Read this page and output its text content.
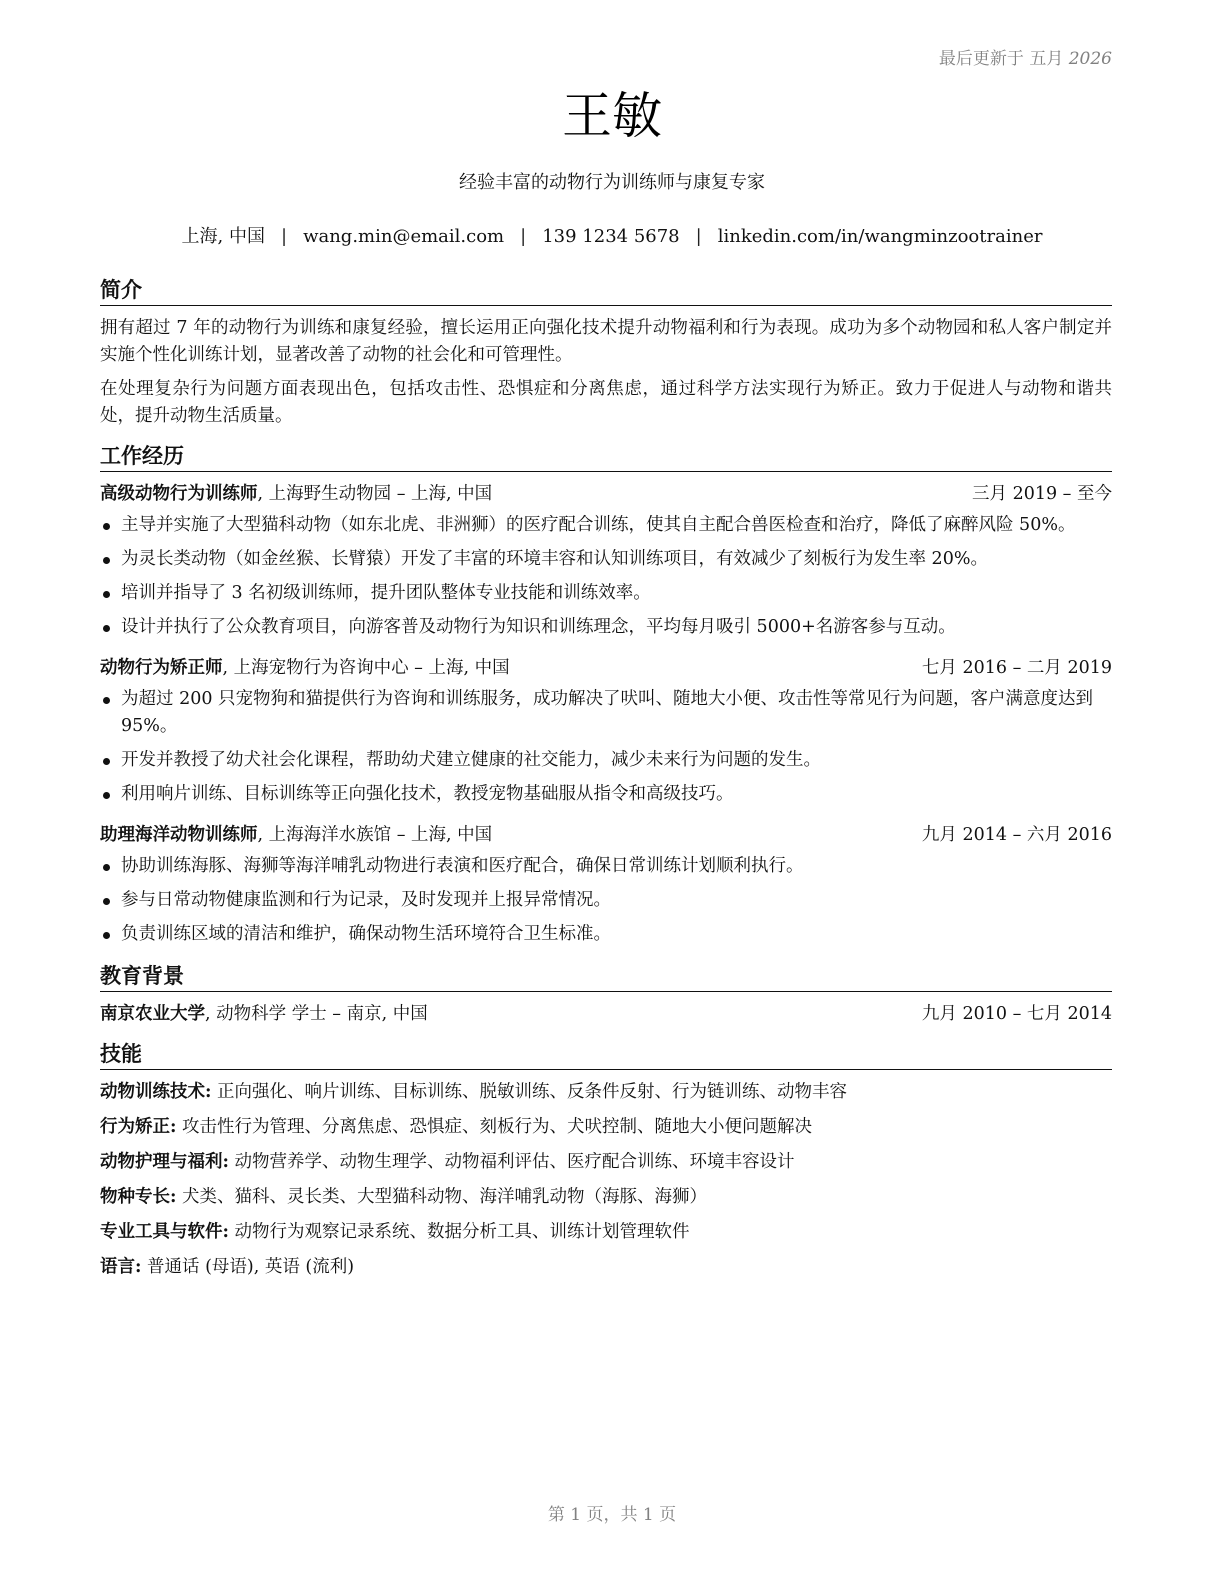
最后更新于 五月 2026
王敏
经验丰富的动物行为训练师与康复专家
上海, 中国 | wang.min@email.com | 139 1234 5678 | linkedin.com/in/wangminzootrainer
简介

拥有超过 7 年的动物行为训练和康复经验，擅长运用正向强化技术提升动物福利和行为表现。成功为多个动物园和私人客户制定并实施个性化训练计划，显著改善了动物的社会化和可管理性。

在处理复杂行为问题方面表现出色，包括攻击性、恐惧症和分离焦虑，通过科学方法实现行为矫正。致力于促进人与动物和谐共处，提升动物生活质量。

工作经历
高级动物行为训练师, 上海野生动物园 – 上海, 中国	三月 2019 – 至今
主导并实施了大型猫科动物（如东北虎、非洲狮）的医疗配合训练，使其自主配合兽医检查和治疗，降低了麻醉风险 50%。
为灵长类动物（如金丝猴、长臂猿）开发了丰富的环境丰容和认知训练项目，有效减少了刻板行为发生率 20%。
培训并指导了 3 名初级训练师，提升团队整体专业技能和训练效率。
设计并执行了公众教育项目，向游客普及动物行为知识和训练理念，平均每月吸引 5000+名游客参与互动。
动物行为矫正师, 上海宠物行为咨询中心 – 上海, 中国	七月 2016 – 二月 2019
为超过 200 只宠物狗和猫提供行为咨询和训练服务，成功解决了吠叫、随地大小便、攻击性等常见行为问题，客户满意度达到 95%。
开发并教授了幼犬社会化课程，帮助幼犬建立健康的社交能力，减少未来行为问题的发生。
利用响片训练、目标训练等正向强化技术，教授宠物基础服从指令和高级技巧。
助理海洋动物训练师, 上海海洋水族馆 – 上海, 中国	九月 2014 – 六月 2016
协助训练海豚、海狮等海洋哺乳动物进行表演和医疗配合，确保日常训练计划顺利执行。
参与日常动物健康监测和行为记录，及时发现并上报异常情况。
负责训练区域的清洁和维护，确保动物生活环境符合卫生标准。
教育背景
南京农业大学, 动物科学 学士 – 南京, 中国	九月 2010 – 七月 2014
技能
动物训练技术: 正向强化、响片训练、目标训练、脱敏训练、反条件反射、行为链训练、动物丰容
行为矫正: 攻击性行为管理、分离焦虑、恐惧症、刻板行为、犬吠控制、随地大小便问题解决
动物护理与福利: 动物营养学、动物生理学、动物福利评估、医疗配合训练、环境丰容设计
物种专长: 犬类、猫科、灵长类、大型猫科动物、海洋哺乳动物（海豚、海狮）
专业工具与软件: 动物行为观察记录系统、数据分析工具、训练计划管理软件
语言: 普通话 (母语), 英语 (流利)
第 1 页，共 1 页
